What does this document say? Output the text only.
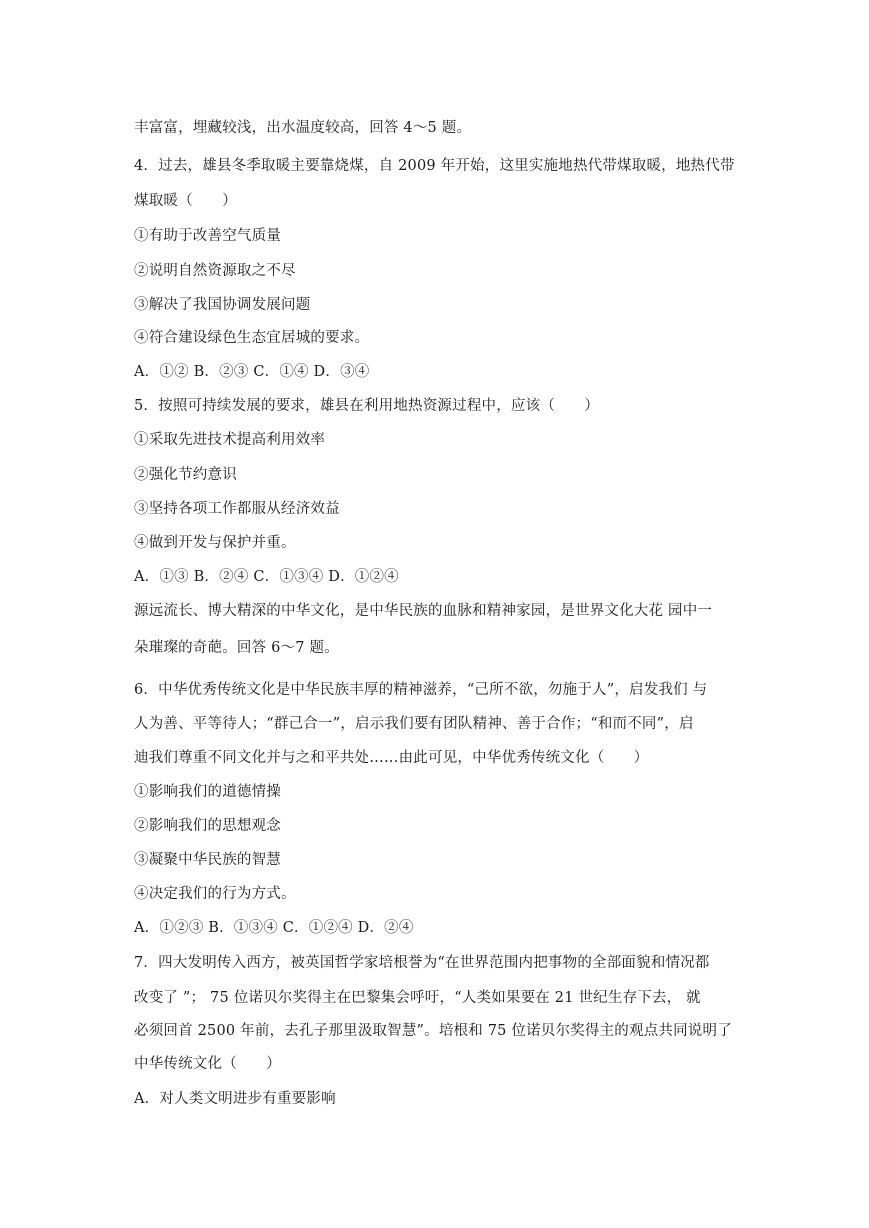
丰富富，埋藏较浅，出水温度较高，回答 4～5 题。
4．过去，雄县冬季取暖主要靠烧煤，自 2009 年开始，这里实施地热代带煤取暖，地热代带
煤取暖（　　）
①有助于改善空气质量
②说明自然资源取之不尽
③解决了我国协调发展问题
④符合建设绿色生态宜居城的要求。
A．①② B．②③ C．①④ D．③④
5．按照可持续发展的要求，雄县在利用地热资源过程中，应该（　　）
①采取先进技术提高利用效率
②强化节约意识
③坚持各项工作都服从经济效益
④做到开发与保护并重。
A．①③ B．②④ C．①③④ D．①②④
源远流长、博大精深的中华文化，是中华民族的血脉和精神家园，是世界文化大花 园中一
朵璀璨的奇葩。回答 6～7 题。
6．中华优秀传统文化是中华民族丰厚的精神滋养，“己所不欲，勿施于人”，启发我们 与
人为善、平等待人；“群己合一”，启示我们要有团队精神、善于合作；“和而不同”，启
迪我们尊重不同文化并与之和平共处……由此可见，中华优秀传统文化（　　）
①影响我们的道德情操
②影响我们的思想观念
③凝聚中华民族的智慧
④决定我们的行为方式。
A．①②③ B．①③④ C．①②④ D．②④
7．四大发明传入西方，被英国哲学家培根誉为“在世界范围内把事物的全部面貌和情况都
改变了 ”； 75 位诺贝尔奖得主在巴黎集会呼吁，“人类如果要在 21 世纪生存下去， 就
必须回首 2500 年前，去孔子那里汲取智慧”。培根和 75 位诺贝尔奖得主的观点共同说明了
中华传统文化（　　）
A．对人类文明进步有重要影响
